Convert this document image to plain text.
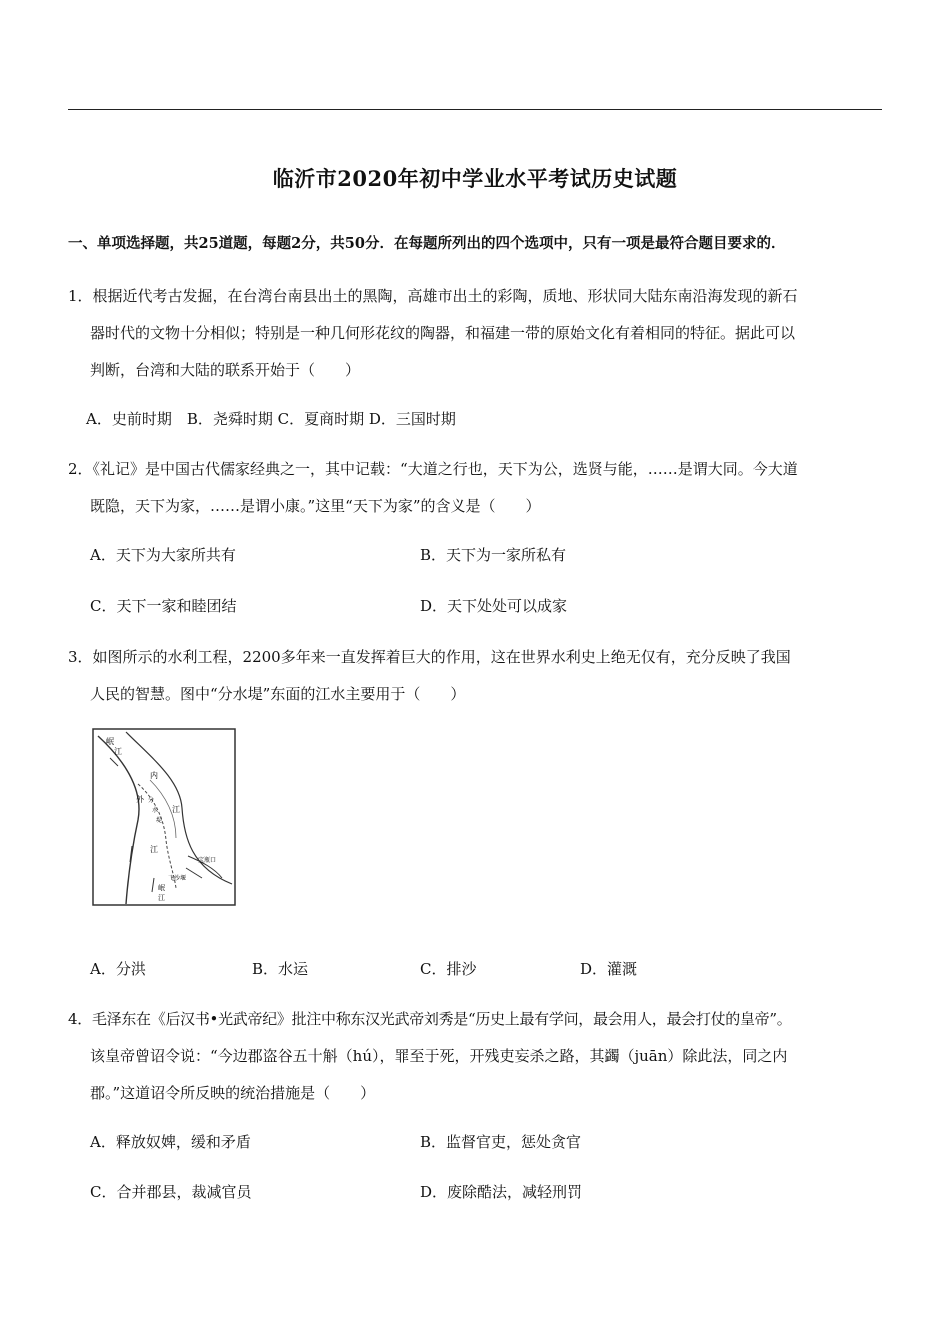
临沂市2020年初中学业水平考试历史试题
一、单项选择题，共25道题，每题2分，共50分．在每题所列出的四个选项中，只有一项是最符合题目要求的．
1．根据近代考古发掘，在台湾台南县出土的黑陶，高雄市出土的彩陶，质地、形状同大陆东南沿海发现的新石
器时代的文物十分相似；特别是一种几何形花纹的陶器，和福建一带的原始文化有着相同的特征。据此可以
判断，台湾和大陆的联系开始于（　　）
A．史前时期　B．尧舜时期 C．夏商时期 D．三国时期
2．《礼记》是中国古代儒家经典之一，其中记载：“大道之行也，天下为公，选贤与能，……是谓大同。今大道
既隐，天下为家，……是谓小康。”这里“天下为家”的含义是（　　）
A．天下为大家所共有	B．天下为一家所私有
C．天下一家和睦团结	D．天下处处可以成家
3．如图所示的水利工程，2200多年来一直发挥着巨大的作用，这在世界水利史上绝无仅有，充分反映了我国
人民的智慧。图中“分水堤”东面的江水主要用于（　　）
岷
江
内
外 分
水
堤
江
江
宝瓶口
飞沙堰
岷
江
A．分洪	B．水运	C．排沙	D．灌溉
4．毛泽东在《后汉书•光武帝纪》批注中称东汉光武帝刘秀是“历史上最有学问，最会用人，最会打仗的皇帝”。
该皇帝曾诏令说：“今边郡盗谷五十斛（hú），罪至于死，开残吏妄杀之路，其蠲（juān）除此法，同之内
郡。”这道诏令所反映的统治措施是（　　）
A．释放奴婢，缓和矛盾	B．监督官吏，惩处贪官
C．合并郡县，裁减官员	D．废除酷法，减轻刑罚
